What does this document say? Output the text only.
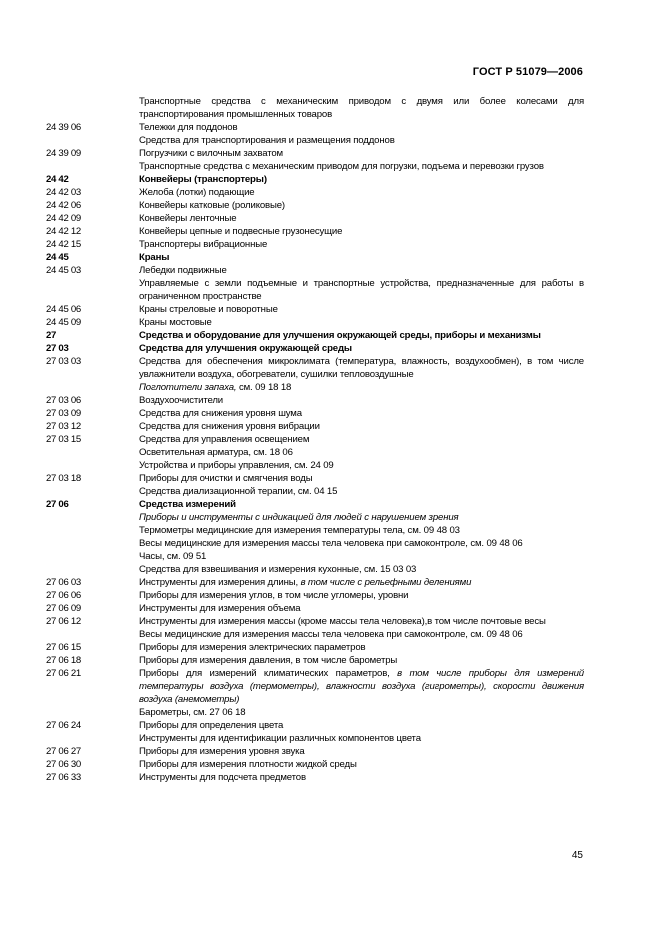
ГОСТ Р 51079—2006
Транспортные средства с механическим приводом с двумя или более колесами для транспортирования промышленных товаров
24 39 06	Тележки для поддонов
Средства для транспортирования и размещения поддонов
24 39 09	Погрузчики с вилочным захватом
Транспортные средства с механическим приводом для погрузки, подъема и перевозки грузов
24 42	Конвейеры (транспортеры)
24 42 03	Желоба (лотки) подающие
24 42 06	Конвейеры катковые (роликовые)
24 42 09	Конвейеры ленточные
24 42 12	Конвейеры цепные и подвесные грузонесущие
24 42 15	Транспортеры вибрационные
24 45	Краны
24 45 03	Лебедки подвижные
Управляемые с земли подъемные и транспортные устройства, предназначенные для работы в ограниченном пространстве
24 45 06	Краны стреловые и поворотные
24 45 09	Краны мостовые
27	Средства и оборудование для улучшения окружающей среды, приборы и механизмы
27 03	Средства для улучшения окружающей среды
27 03 03	Средства для обеспечения микроклимата (температура, влажность, воздухообмен), в том числе увлажнители воздуха, обогреватели, сушилки тепловоздушные
Поглотители запаха, см. 09 18 18
27 03 06	Воздухоочистители
27 03 09	Средства для снижения уровня шума
27 03 12	Средства для снижения уровня вибрации
27 03 15	Средства для управления освещением
Осветительная арматура, см. 18 06
Устройства и приборы управления, см. 24 09
27 03 18	Приборы для очистки и смягчения воды
Средства диализационной терапии, см. 04 15
27 06	Средства измерений
Приборы и инструменты с индикацией для людей с нарушением зрения
Термометры медицинские для измерения температуры тела, см. 09 48 03
Весы медицинские для измерения массы тела человека при самоконтроле, см. 09 48 06
Часы, см. 09 51
Средства для взвешивания и измерения кухонные, см. 15 03 03
27 06 03	Инструменты для измерения длины, в том числе с рельефными делениями
27 06 06	Приборы для измерения углов, в том числе угломеры, уровни
27 06 09	Инструменты для измерения объема
27 06 12	Инструменты для измерения массы (кроме массы тела человека),в том числе почтовые весы
Весы медицинские для измерения массы тела человека при самоконтроле, см. 09 48 06
27 06 15	Приборы для измерения электрических параметров
27 06 18	Приборы для измерения давления, в том числе барометры
27 06 21	Приборы для измерений климатических параметров, в том числе приборы для измерений температуры воздуха (термометры), влажности воздуха (гигрометры), скорости движения воздуха (анемометры)
Барометры, см. 27 06 18
27 06 24	Приборы для определения цвета
Инструменты для идентификации различных компонентов цвета
27 06 27	Приборы для измерения уровня звука
27 06 30	Приборы для измерения плотности жидкой среды
27 06 33	Инструменты для подсчета предметов
45
